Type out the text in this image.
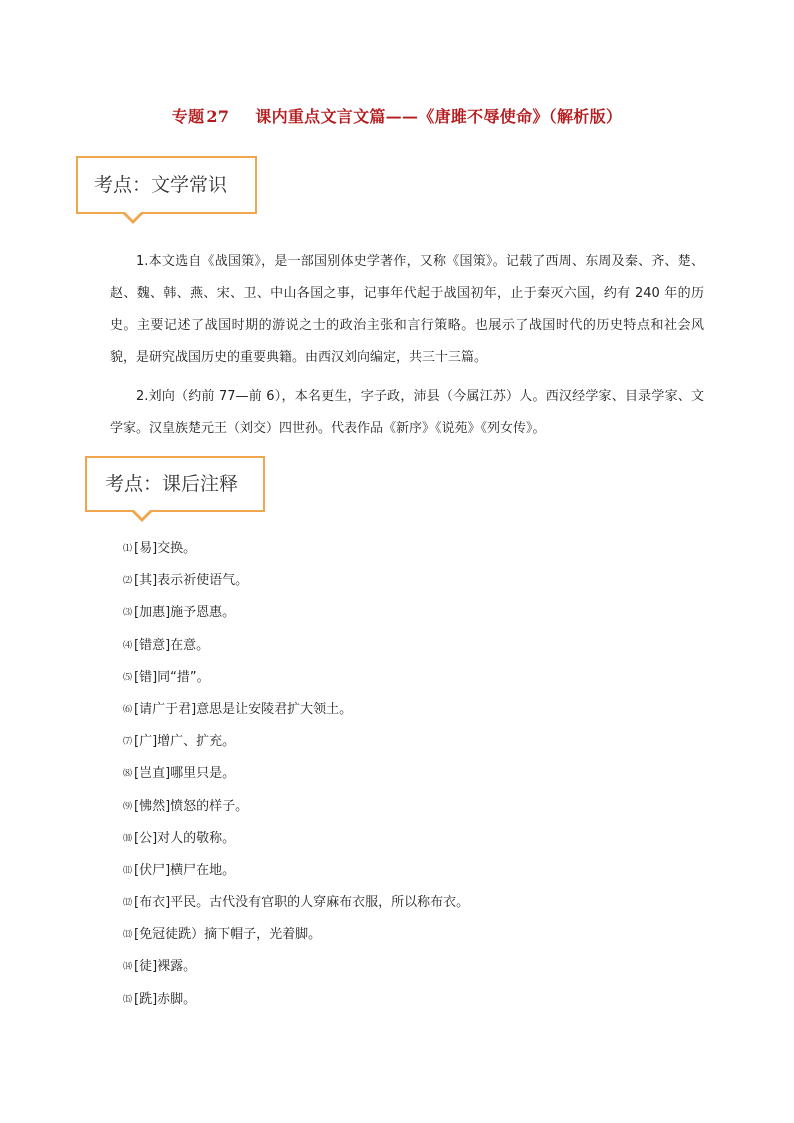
专题 27 课内重点文言文篇——《唐雎不辱使命》（解析版）
考点：文学常识

1.本文选自《战国策》，是一部国别体史学著作，又称《国策》。记载了西周、东周及秦、齐、楚、赵、魏、韩、燕、宋、卫、中山各国之事，记事年代起于战国初年，止于秦灭六国，约有 240 年的历史。主要记述了战国时期的游说之士的政治主张和言行策略。也展示了战国时代的历史特点和社会风貌，是研究战国历史的重要典籍。由西汉刘向编定，共三十三篇。

2.刘向（约前 77—前 6），本名更生，字子政，沛县（今属江苏）人。西汉经学家、目录学家、文学家。汉皇族楚元王（刘交）四世孙。代表作品《新序》《说苑》《列女传》。

考点：课后注释
⑴ [易]交换。
⑵ [其]表示祈使语气。
⑶ [加惠]施予恩惠。
⑷ [错意]在意。
⑸ [错]同“措”。
⑹ [请广于君]意思是让安陵君扩大领土。
⑺ [广]增广、扩充。
⑻ [岂直]哪里只是。
⑼ [怫然]愤怒的样子。
⑽ [公]对人的敬称。
⑾ [伏尸]横尸在地。
⑿ [布衣]平民。古代没有官职的人穿麻布衣服，所以称布衣。
⒀ [免冠徒跣）摘下帽子，光着脚。
⒁ [徒]裸露。
⒂ [跣]赤脚。
